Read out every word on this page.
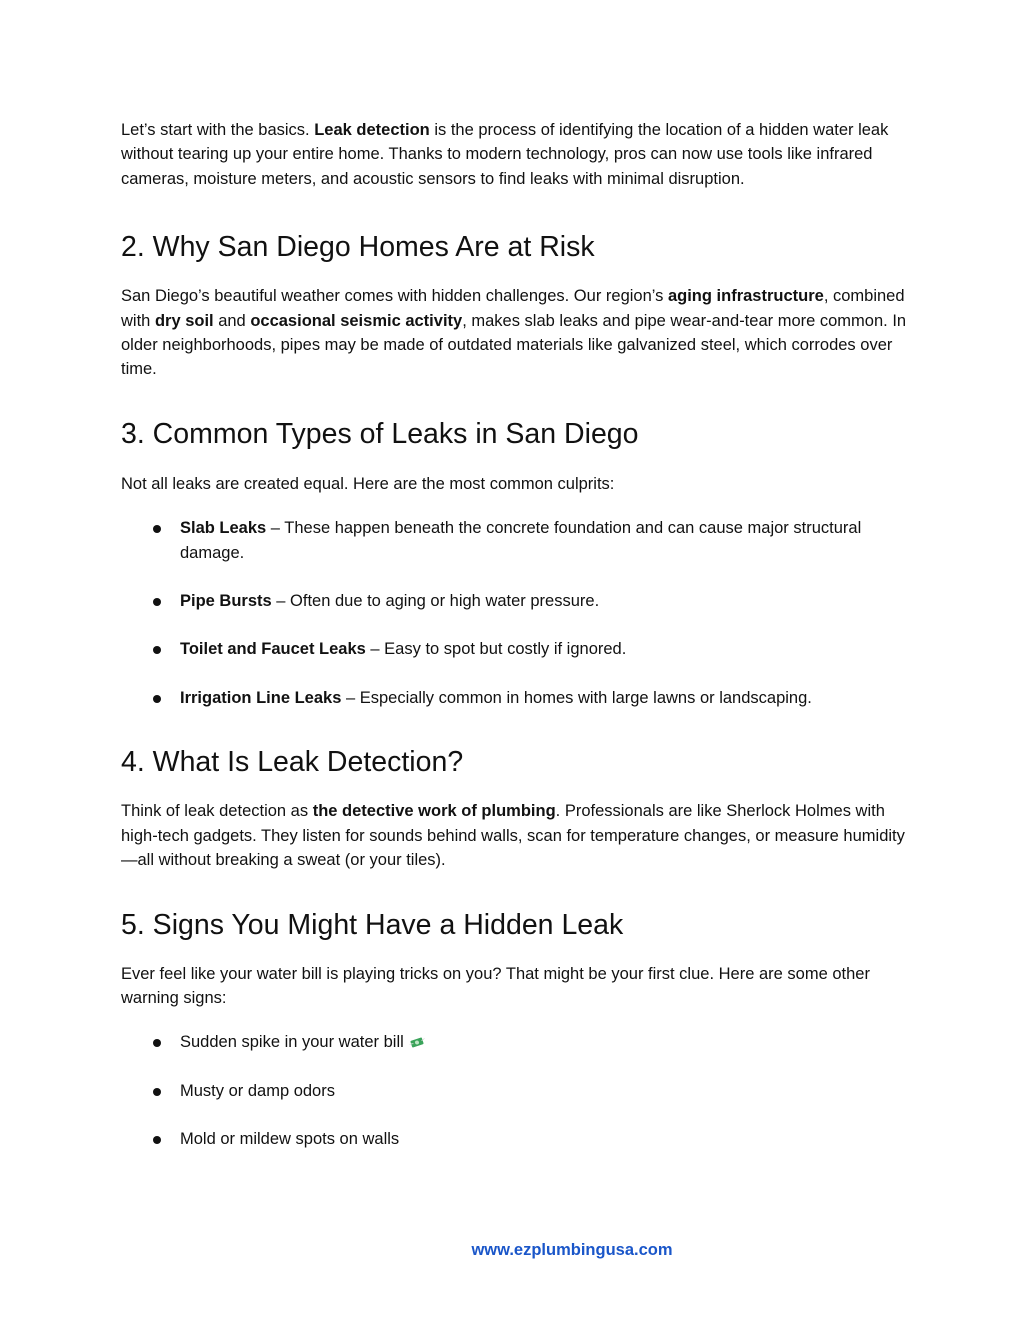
Let’s start with the basics. Leak detection is the process of identifying the location of a hidden water leak without tearing up your entire home. Thanks to modern technology, pros can now use tools like infrared cameras, moisture meters, and acoustic sensors to find leaks with minimal disruption.

2. Why San Diego Homes Are at Risk

San Diego’s beautiful weather comes with hidden challenges. Our region’s aging infrastructure, combined with dry soil and occasional seismic activity, makes slab leaks and pipe wear-and-tear more common. In older neighborhoods, pipes may be made of outdated materials like galvanized steel, which corrodes over time.

3. Common Types of Leaks in San Diego

Not all leaks are created equal. Here are the most common culprits:

Slab Leaks – These happen beneath the concrete foundation and can cause major structural damage.
Pipe Bursts – Often due to aging or high water pressure.
Toilet and Faucet Leaks – Easy to spot but costly if ignored.
Irrigation Line Leaks – Especially common in homes with large lawns or landscaping.
4. What Is Leak Detection?

Think of leak detection as the detective work of plumbing. Professionals are like Sherlock Holmes with high-tech gadgets. They listen for sounds behind walls, scan for temperature changes, or measure humidity—all without breaking a sweat (or your tiles).

5. Signs You Might Have a Hidden Leak

Ever feel like your water bill is playing tricks on you? That might be your first clue. Here are some other warning signs:

Sudden spike in your water bill
Musty or damp odors
Mold or mildew spots on walls
www.ezplumbingusa.com
